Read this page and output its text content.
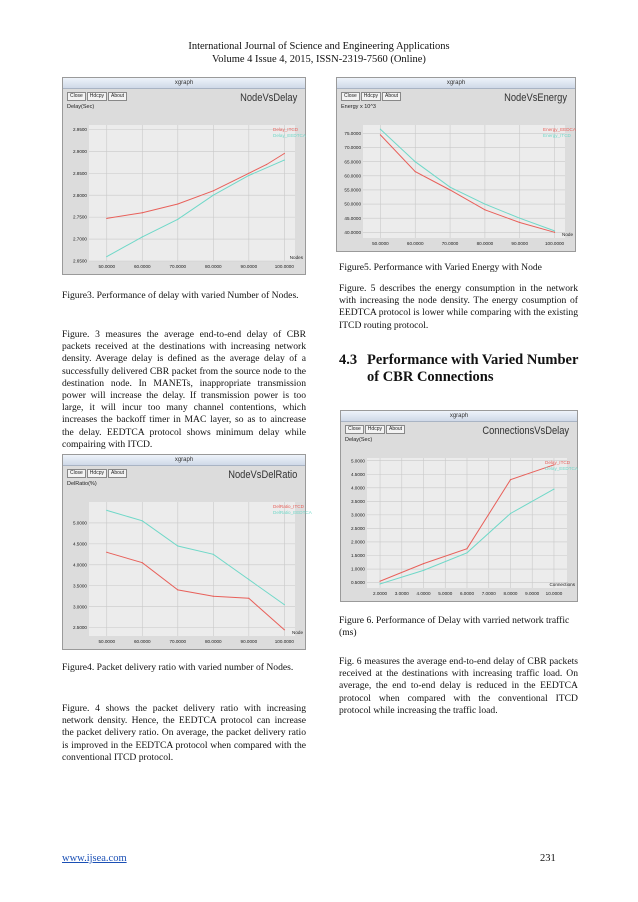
International Journal of Science and Engineering Applications
Volume 4 Issue 4, 2015, ISSN-2319-7560 (Online)
xgraph
Close	Hdcpy	About	NodeVsDelay
Delay(Sec)
50.0000	60.0000	70.0000	80.0000	90.0000	100.0000
2.6500
2.7000
2.7500
2.8000
2.8500
2.9000
2.9500
Nodes
Delay_ITCD
Delay_EEDTCA

Figure3. Performance of delay with varied Number of Nodes.

Figure. 3 measures the average end-to-end delay of CBR packets received at the destinations with increasing network density. Average delay is defined as the average delay of a successfully delivered CBR packet from the source node to the destination node. In MANETs, inappropriate transmission power will increase the delay. If transmission power is too large, it will incur too many channel contentions, which increases the backoff timer in MAC layer, so as to aincrease the delay. EEDTCA protocol shows minimum delay while compairing with ITCD.

xgraph
Close	Hdcpy	About	NodeVsDelRatio
DelRatio(%)
50.0000	60.0000	70.0000	80.0000	90.0000	100.0000
2.5000
3.0000
3.5000
4.0000
4.5000
5.0000
Node
DelRatio_ITCD
DelRatio_EEDTCA

Figure4. Packet delivery ratio with varied number of Nodes.

Figure. 4 shows the packet delivery ratio with increasing network density. Hence, the EEDTCA protocol can increase the packet delivery ratio. On average, the packet delivery ratio is improved in the EEDTCA protocol when compared with the conventional ITCD protocol.

xgraph
Close	Hdcpy	About	NodeVsEnergy
Energy x 10^3
50.0000	60.0000	70.0000	80.0000	90.0000	100.0000
40.0000
45.0000
50.0000
55.0000
60.0000
65.0000
70.0000
75.0000
Node
Energy_EEDCA
Energy_ITCD

Figure5. Performance with Varied Energy with Node

Figure. 5 describes the energy consumption in the network with increasing the node density. The energy cosumption of EEDTCA protocol is lower while comparing with the existing ITCD routing protocol.

4.3 Performance with Varied Number of CBR Connections

xgraph
Close	Hdcpy	About	ConnectionsVsDelay
Delay(Sec)
2.0000 3.0000 4.0000 5.0000 6.0000 7.0000 8.0000 9.0000 10.0000
0.5000
1.0000
1.5000
2.0000
2.5000
3.0000
3.5000
4.0000
4.5000
5.0000
Connections
Delay_ITCD
Delay_EEDTCA

Figure 6. Performance of Delay with varried network traffic (ms)

Fig. 6 measures the average end-to-end delay of CBR packets received at the destinations with increasing traffic load. On average, the end to-end delay is reduced in the EEDTCA protocol when compared with the conventional ITCD protocol while increasing the traffic load.

www.ijsea.com	231
